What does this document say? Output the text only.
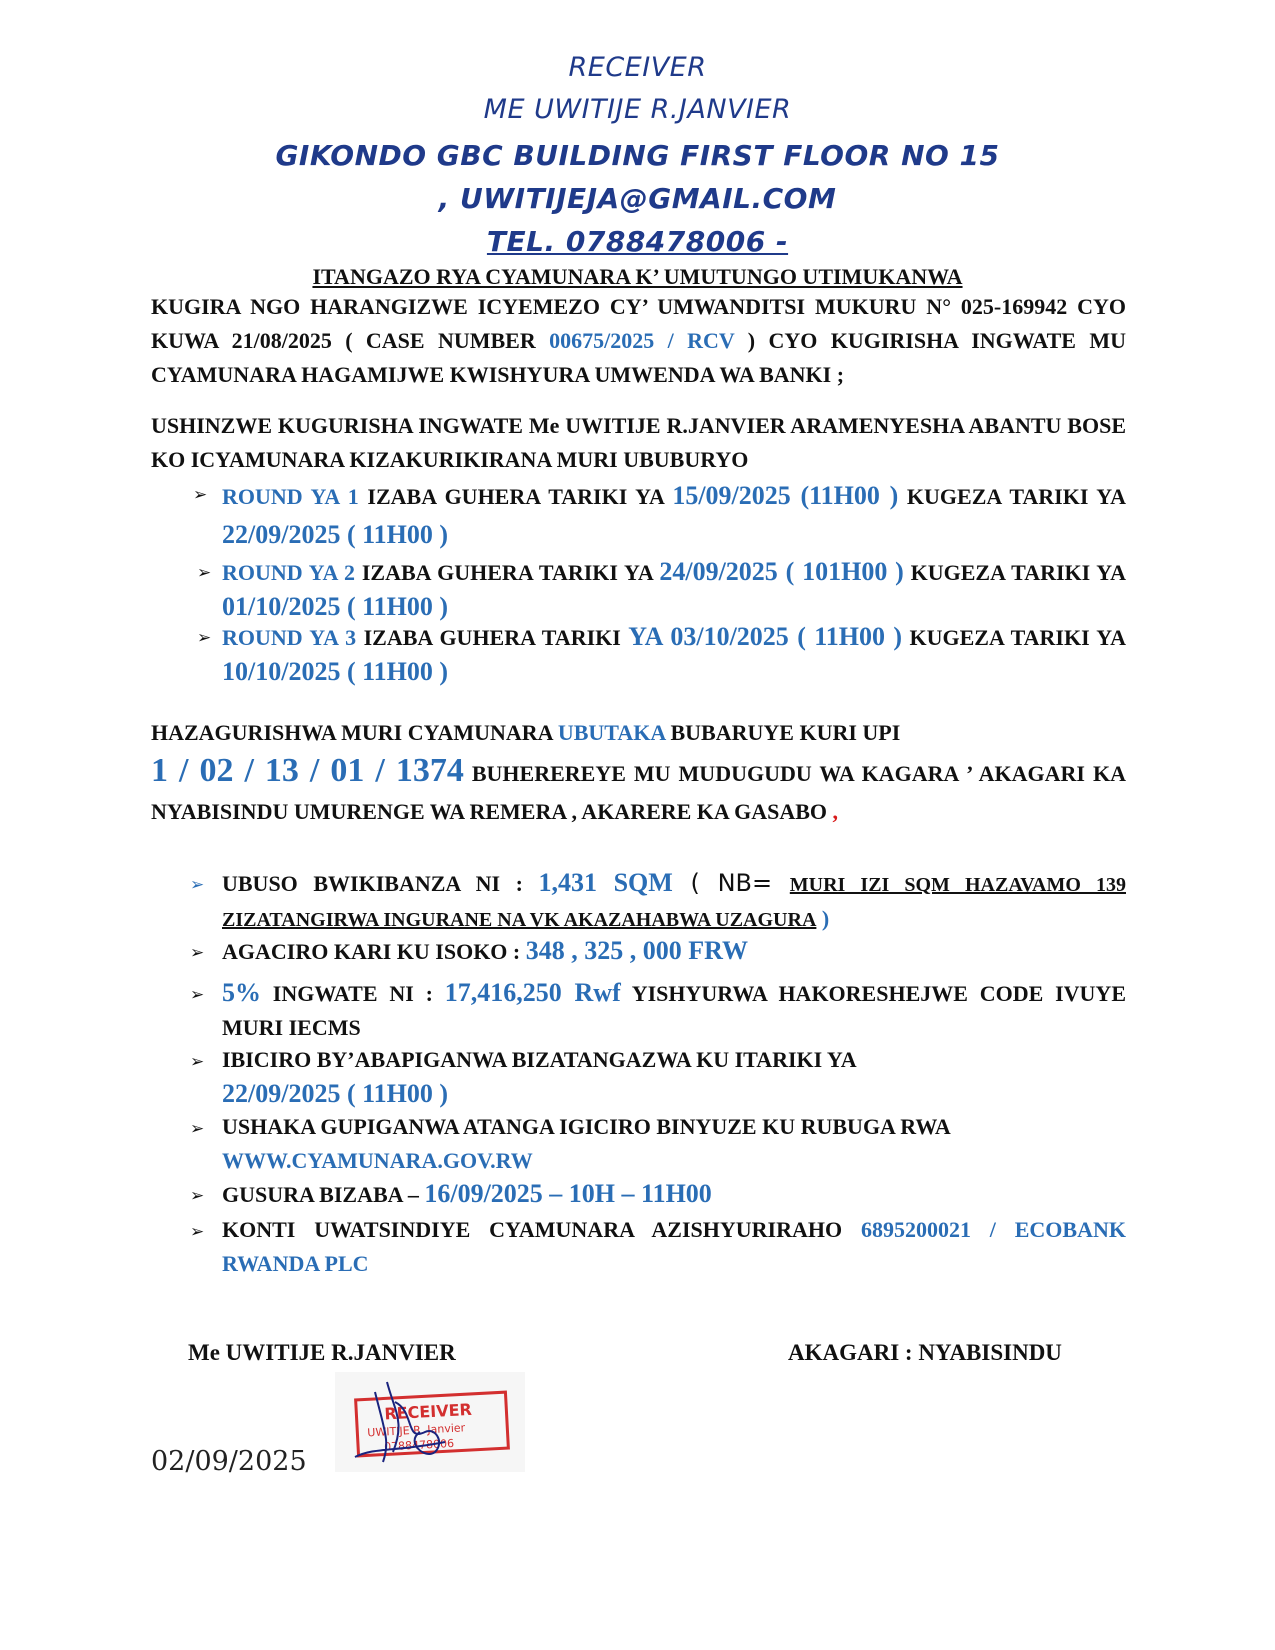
RECEIVER
ME UWITIJE R.JANVIER
GIKONDO GBC BUILDING FIRST FLOOR NO 15
, UWITIJEJA@GMAIL.COM
TEL. 0788478006 -
ITANGAZO RYA CYAMUNARA K’ UMUTUNGO UTIMUKANWA
KUGIRA NGO HARANGIZWE ICYEMEZO CY’ UMWANDITSI MUKURU N° 025-169942 CYO KUWA 21/08/2025 ( CASE NUMBER 00675/2025 / RCV ) CYO KUGIRISHA INGWATE MU CYAMUNARA HAGAMIJWE KWISHYURA UMWENDA WA BANKI ;
USHINZWE KUGURISHA INGWATE Me UWITIJE R.JANVIER ARAMENYESHA ABANTU BOSE KO ICYAMUNARA KIZAKURIKIRANA MURI UBUBURYO
➢ ROUND YA 1 IZABA GUHERA TARIKI YA 15/09/2025 (11H00 ) KUGEZA TARIKI YA 22/09/2025 ( 11H00 )
➢ ROUND YA 2 IZABA GUHERA TARIKI YA 24/09/2025 ( 101H00 ) KUGEZA TARIKI YA 01/10/2025 ( 11H00 )
➢ ROUND YA 3 IZABA GUHERA TARIKI YA 03/10/2025 ( 11H00 ) KUGEZA TARIKI YA 10/10/2025 ( 11H00 )
HAZAGURISHWA MURI CYAMUNARA UBUTAKA BUBARUYE KURI UPI
1 / 02 / 13 / 01 / 1374 BUHEREREYE MU MUDUGUDU WA KAGARA ’ AKAGARI KA NYABISINDU UMURENGE WA REMERA , AKARERE KA GASABO ,
➢ UBUSO BWIKIBANZA NI : 1,431 SQM ( NB= MURI IZI SQM HAZAVAMO 139 ZIZATANGIRWA INGURANE NA VK AKAZAHABWA UZAGURA )
➢ AGACIRO KARI KU ISOKO : 348 , 325 , 000 FRW
➢ 5% INGWATE NI : 17,416,250 Rwf YISHYURWA HAKORESHEJWE CODE IVUYE MURI IECMS
➢ IBICIRO BY’ABAPIGANWA BIZATANGAZWA KU ITARIKI YA
22/09/2025 ( 11H00 )
➢ USHAKA GUPIGANWA ATANGA IGICIRO BINYUZE KU RUBUGA RWA
WWW.CYAMUNARA.GOV.RW
➢ GUSURA BIZABA – 16/09/2025 – 10H – 11H00
➢ KONTI UWATSINDIYE CYAMUNARA AZISHYURIRAHO 6895200021 / ECOBANK RWANDA PLC
Me UWITIJE R.JANVIER	AKAGARI : NYABISINDU
RECEIVER
UWITIJE R. Janvier
0788478006
02/09/2025
